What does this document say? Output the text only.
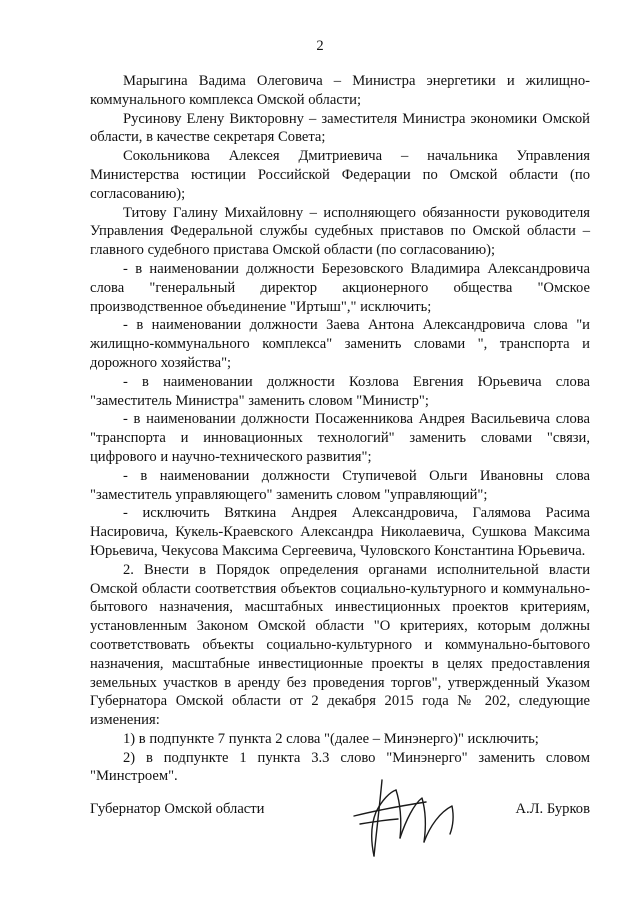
2

Марыгина Вадима Олеговича – Министра энергетики и жилищно-коммунального комплекса Омской области;

Русинову Елену Викторовну – заместителя Министра экономики Омской области, в качестве секретаря Совета;

Сокольникова Алексея Дмитриевича – начальника Управления Министерства юстиции Российской Федерации по Омской области (по согласованию);

Титову Галину Михайловну – исполняющего обязанности руководителя Управления Федеральной службы судебных приставов по Омской области – главного судебного пристава Омской области (по согласованию);

- в наименовании должности Березовского Владимира Александровича слова "генеральный директор акционерного общества "Омское производственное объединение "Иртыш"," исключить;

- в наименовании должности Заева Антона Александровича слова "и жилищно-коммунального комплекса" заменить словами ", транспорта и дорожного хозяйства";

- в наименовании должности Козлова Евгения Юрьевича слова "заместитель Министра" заменить словом "Министр";

- в наименовании должности Посаженникова Андрея Васильевича слова "транспорта и инновационных технологий" заменить словами "связи, цифрового и научно-технического развития";

- в наименовании должности Ступичевой Ольги Ивановны слова "заместитель управляющего" заменить словом "управляющий";

- исключить Вяткина Андрея Александровича, Галямова Расима Насировича, Кукель-Краевского Александра Николаевича, Сушкова Максима Юрьевича, Чекусова Максима Сергеевича, Чуловского Константина Юрьевича.

2. Внести в Порядок определения органами исполнительной власти Омской области соответствия объектов социально-культурного и коммунально-бытового назначения, масштабных инвестиционных проектов критериям, установленным Законом Омской области "О критериях, которым должны соответствовать объекты социально-культурного и коммунально-бытового назначения, масштабные инвестиционные проекты в целях предоставления земельных участков в аренду без проведения торгов", утвержденный Указом Губернатора Омской области от 2 декабря 2015 года № 202, следующие изменения:

1) в подпункте 7 пункта 2 слова "(далее – Минэнерго)" исключить;

2) в подпункте 1 пункта 3.3 слово "Минэнерго" заменить словом "Минстроем".

Губернатор Омской области	А.Л. Бурков
